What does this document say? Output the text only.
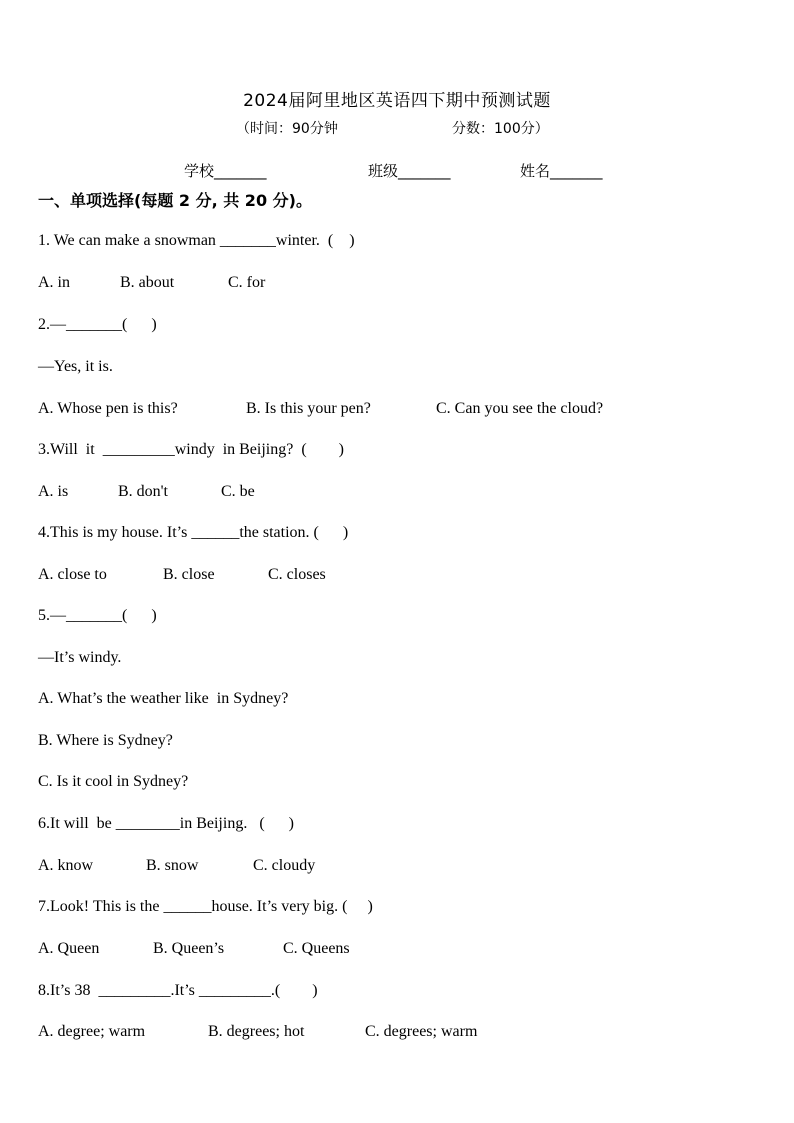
2024届阿里地区英语四下期中预测试题
（时间：90分钟	分数：100分）
学校_______	班级_______	姓名_______
一、单项选择(每题 2 分, 共 20 分)。
1. We can make a snowman _______winter.  (    )
A. in	B. about	C. for
2.—_______(      )
—Yes, it is.
A. Whose pen is this?	B. Is this your pen?	C. Can you see the cloud?
3.Will  it  _________windy  in Beijing?  (        )
A. is	B. don't	C. be
4.This is my house. It’s ______the station. (      )
A. close to	B. close	C. closes
5.—_______(      )
—It’s windy.
A. What’s the weather like  in Sydney?
B. Where is Sydney?
C. Is it cool in Sydney?
6.It will  be ________in Beijing.   (      )
A. know	B. snow	C. cloudy
7.Look! This is the ______house. It’s very big. (     )
A. Queen	B. Queen’s	C. Queens
8.It’s 38  _________.It’s _________.(        )
A. degree; warm	B. degrees; hot	C. degrees; warm
